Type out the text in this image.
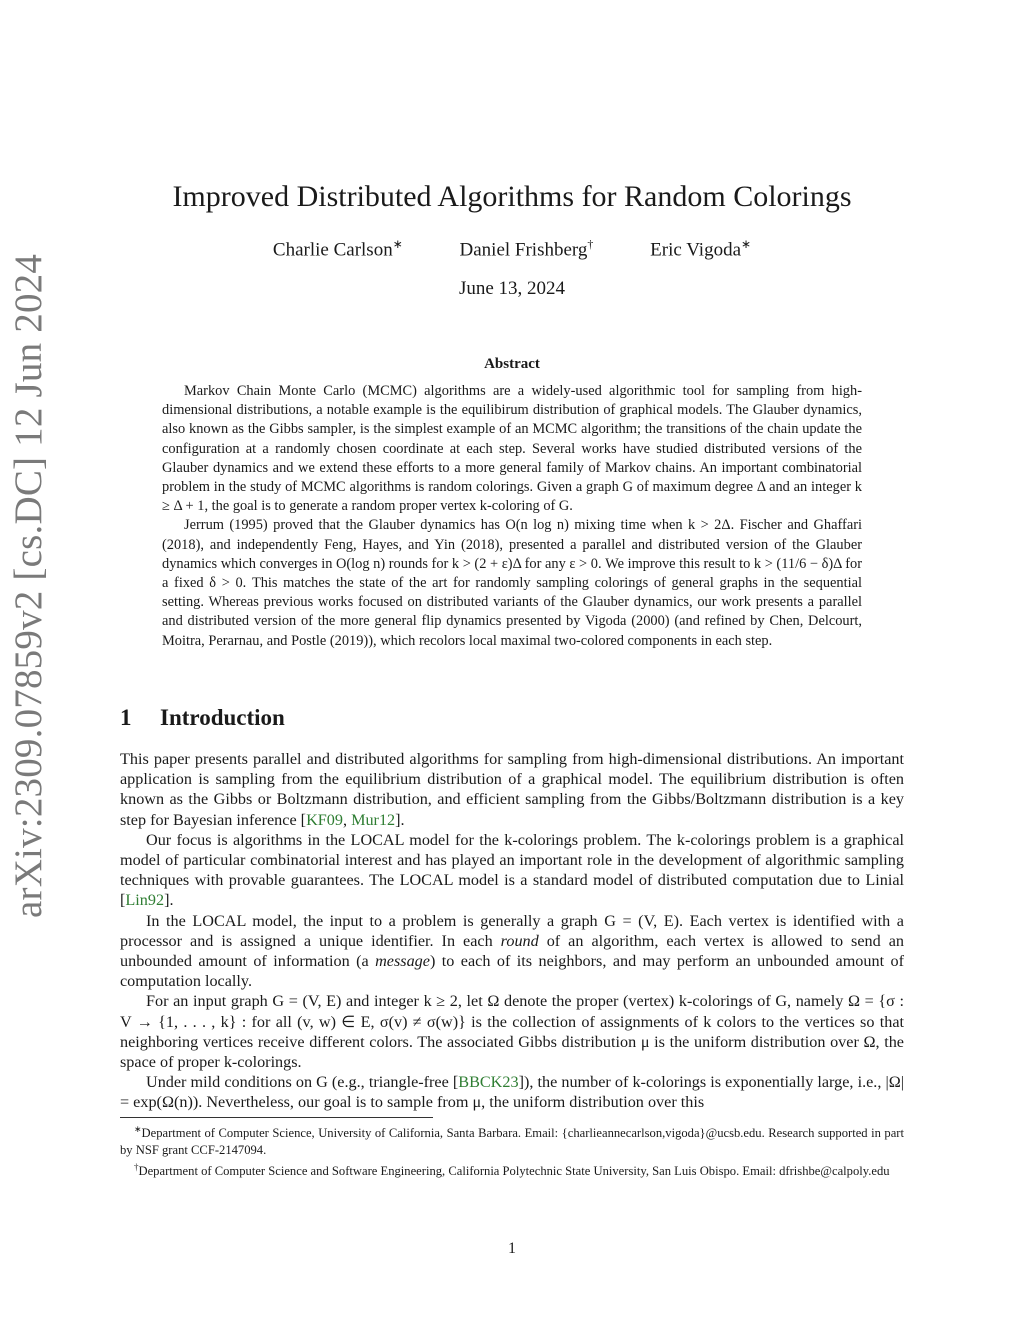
arXiv:2309.07859v2 [cs.DC] 12 Jun 2024
Improved Distributed Algorithms for Random Colorings
Charlie Carlson∗	Daniel Frishberg†	Eric Vigoda∗
June 13, 2024
Abstract

Markov Chain Monte Carlo (MCMC) algorithms are a widely-used algorithmic tool for sampling from high-dimensional distributions, a notable example is the equilibirum distribution of graphical models. The Glauber dynamics, also known as the Gibbs sampler, is the simplest example of an MCMC algorithm; the transitions of the chain update the configuration at a randomly chosen coordinate at each step. Several works have studied distributed versions of the Glauber dynamics and we extend these efforts to a more general family of Markov chains. An important combinatorial problem in the study of MCMC algorithms is random colorings. Given a graph G of maximum degree Δ and an integer k ≥ Δ + 1, the goal is to generate a random proper vertex k-coloring of G.

Jerrum (1995) proved that the Glauber dynamics has O(n log n) mixing time when k > 2Δ. Fischer and Ghaffari (2018), and independently Feng, Hayes, and Yin (2018), presented a parallel and distributed version of the Glauber dynamics which converges in O(log n) rounds for k > (2 + ε)Δ for any ε > 0. We improve this result to k > (11/6 − δ)Δ for a fixed δ > 0. This matches the state of the art for randomly sampling colorings of general graphs in the sequential setting. Whereas previous works focused on distributed variants of the Glauber dynamics, our work presents a parallel and distributed version of the more general flip dynamics presented by Vigoda (2000) (and refined by Chen, Delcourt, Moitra, Perarnau, and Postle (2019)), which recolors local maximal two-colored components in each step.

1 Introduction

This paper presents parallel and distributed algorithms for sampling from high-dimensional distributions. An important application is sampling from the equilibrium distribution of a graphical model. The equilibrium distribution is often known as the Gibbs or Boltzmann distribution, and efficient sampling from the Gibbs/Boltzmann distribution is a key step for Bayesian inference [KF09, Mur12].

Our focus is algorithms in the LOCAL model for the k-colorings problem. The k-colorings problem is a graphical model of particular combinatorial interest and has played an important role in the development of algorithmic sampling techniques with provable guarantees. The LOCAL model is a standard model of distributed computation due to Linial [Lin92].

In the LOCAL model, the input to a problem is generally a graph G = (V, E). Each vertex is identified with a processor and is assigned a unique identifier. In each round of an algorithm, each vertex is allowed to send an unbounded amount of information (a message) to each of its neighbors, and may perform an unbounded amount of computation locally.

For an input graph G = (V, E) and integer k ≥ 2, let Ω denote the proper (vertex) k-colorings of G, namely Ω = {σ : V → {1, . . . , k} : for all (v, w) ∈ E, σ(v) ≠ σ(w)} is the collection of assignments of k colors to the vertices so that neighboring vertices receive different colors. The associated Gibbs distribution μ is the uniform distribution over Ω, the space of proper k-colorings.

Under mild conditions on G (e.g., triangle-free [BBCK23]), the number of k-colorings is exponentially large, i.e., |Ω| = exp(Ω(n)). Nevertheless, our goal is to sample from μ, the uniform distribution over this

∗Department of Computer Science, University of California, Santa Barbara. Email: {charlieannecarlson,vigoda}@ucsb.edu. Research supported in part by NSF grant CCF-2147094.

†Department of Computer Science and Software Engineering, California Polytechnic State University, San Luis Obispo. Email: dfrishbe@calpoly.edu

1
